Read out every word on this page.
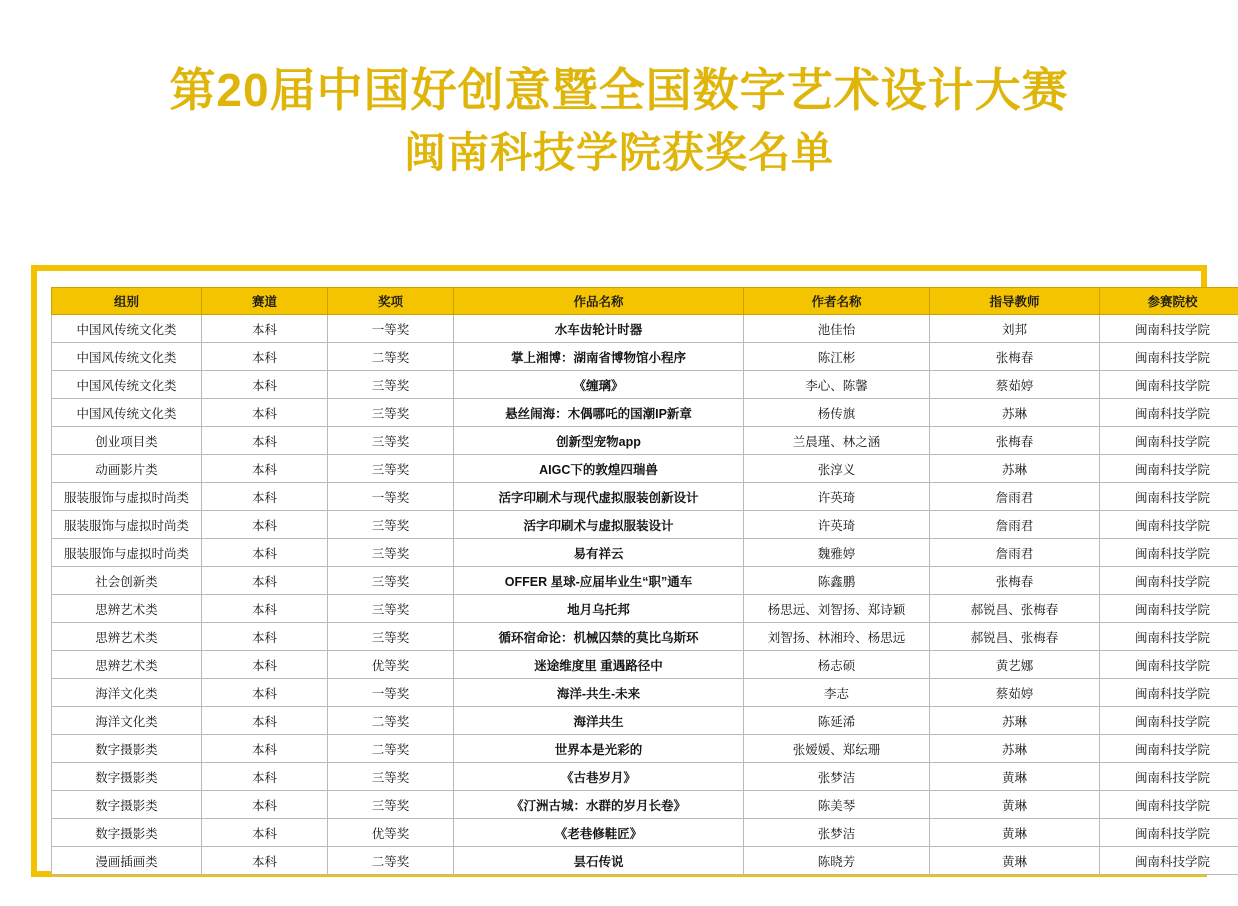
第20届中国好创意暨全国数字艺术设计大赛
闽南科技学院获奖名单
组别	赛道	奖项	作品名称	作者名称	指导教师	参赛院校
中国风传统文化类	本科	一等奖	水车齿轮计时器	池佳怡	刘邦	闽南科技学院
中国风传统文化类	本科	二等奖	掌上湘博：湖南省博物馆小程序	陈江彬	张梅春	闽南科技学院
中国风传统文化类	本科	三等奖	《缠璃》	李心、陈馨	蔡茹婷	闽南科技学院
中国风传统文化类	本科	三等奖	悬丝闹海：木偶哪吒的国潮IP新章	杨传旗	苏琳	闽南科技学院
创业项目类	本科	三等奖	创新型宠物app	兰晨瑾、林之涵	张梅春	闽南科技学院
动画影片类	本科	三等奖	AIGC下的敦煌四瑞兽	张淳义	苏琳	闽南科技学院
服装服饰与虚拟时尚类	本科	一等奖	活字印刷术与现代虚拟服装创新设计	许英琦	詹雨君	闽南科技学院
服装服饰与虚拟时尚类	本科	三等奖	活字印刷术与虚拟服装设计	许英琦	詹雨君	闽南科技学院
服装服饰与虚拟时尚类	本科	三等奖	易有祥云	魏雅婷	詹雨君	闽南科技学院
社会创新类	本科	三等奖	OFFER 星球-应届毕业生“职”通车	陈鑫鹏	张梅春	闽南科技学院
思辨艺术类	本科	三等奖	地月乌托邦	杨思远、刘智扬、郑诗颖	郝锐昌、张梅春	闽南科技学院
思辨艺术类	本科	三等奖	循环宿命论：机械囚禁的莫比乌斯环	刘智扬、林湘玲、杨思远	郝锐昌、张梅春	闽南科技学院
思辨艺术类	本科	优等奖	迷途维度里 重遇路径中	杨志硕	黄艺娜	闽南科技学院
海洋文化类	本科	一等奖	海洋-共生-未来	李志	蔡茹婷	闽南科技学院
海洋文化类	本科	二等奖	海洋共生	陈延浠	苏琳	闽南科技学院
数字摄影类	本科	二等奖	世界本是光彩的	张嫒媛、郑纭珊	苏琳	闽南科技学院
数字摄影类	本科	三等奖	《古巷岁月》	张梦洁	黄琳	闽南科技学院
数字摄影类	本科	三等奖	《汀洲古城：水群的岁月长卷》	陈美琴	黄琳	闽南科技学院
数字摄影类	本科	优等奖	《老巷修鞋匠》	张梦洁	黄琳	闽南科技学院
漫画插画类	本科	二等奖	昙石传说	陈晓芳	黄琳	闽南科技学院
